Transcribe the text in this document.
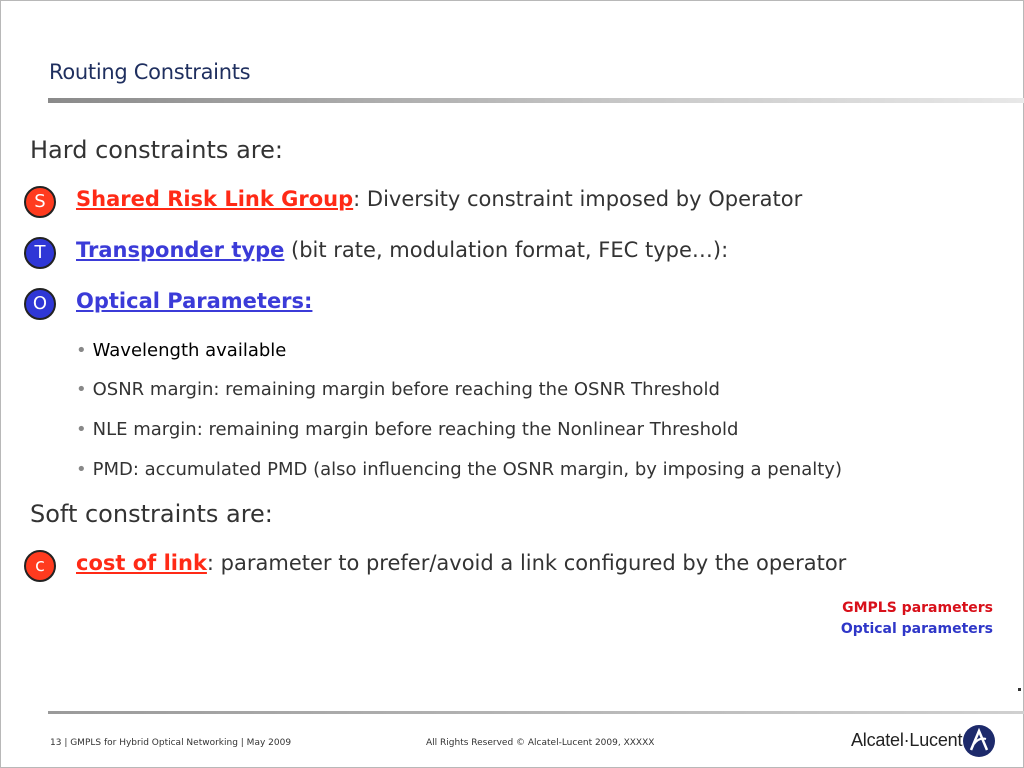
Routing Constraints
Hard constraints are:
S	Shared Risk Link Group: Diversity constraint imposed by Operator
T	Transponder type (bit rate, modulation format, FEC type…):
O	Optical Parameters:
• Wavelength available
• OSNR margin: remaining margin before reaching the OSNR Threshold
• NLE margin: remaining margin before reaching the Nonlinear Threshold
• PMD: accumulated PMD (also influencing the OSNR margin, by imposing a penalty)
Soft constraints are:
c	cost of link: parameter to prefer/avoid a link configured by the operator
GMPLS parameters
Optical parameters
13 | GMPLS for Hybrid Optical Networking | May 2009	All Rights Reserved © Alcatel-Lucent 2009, XXXXX	Alcatel·Lucent
